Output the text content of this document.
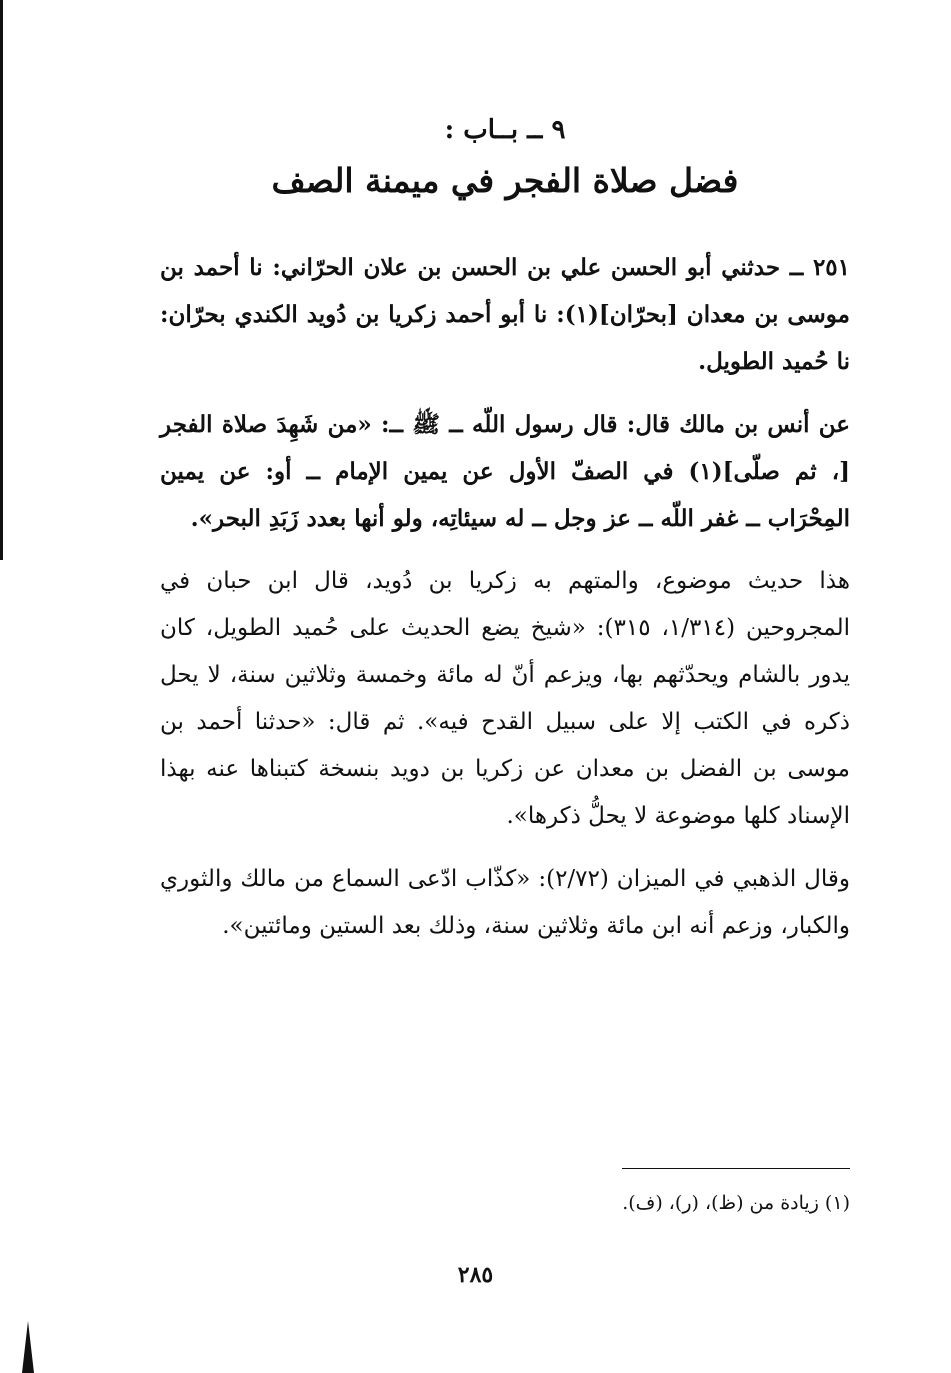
٩ ــ بــاب :
فضل صلاة الفجر في ميمنة الصف

٢٥١ ــ حدثني أبو الحسن علي بن الحسن بن علان الحرّاني: نا أحمد بن موسى بن معدان [بحرّان](١): نا أبو أحمد زكريا بن دُويد الكندي بحرّان: نا حُميد الطويل.

عن أنس بن مالك قال: قال رسول اللّه ــ ﷺ ــ: «من شَهِدَ صلاة الفجر [، ثم صلّى](١) في الصفّ الأول عن يمين الإمام ــ أو: عن يمين المِحْرَاب ــ غفر اللّه ــ عز وجل ــ له سيئاتِه، ولو أنها بعدد زَبَدِ البحر».

هذا حديث موضوع، والمتهم به زكريا بن دُويد، قال ابن حبان في المجروحين (١/٣١٤، ٣١٥): «شيخ يضع الحديث على حُميد الطويل، كان يدور بالشام ويحدّثهم بها، ويزعم أنّ له مائة وخمسة وثلاثين سنة، لا يحل ذكره في الكتب إلا على سبيل القدح فيه». ثم قال: «حدثنا أحمد بن موسى بن الفضل بن معدان عن زكريا بن دويد بنسخة كتبناها عنه بهذا الإسناد كلها موضوعة لا يحلُّ ذكرها».

وقال الذهبي في الميزان (٢/٧٢): «كذّاب ادّعى السماع من مالك والثوري والكبار، وزعم أنه ابن مائة وثلاثين سنة، وذلك بعد الستين ومائتين».

(١) زيادة من (ظ)، (ر)، (ف).
٢٨٥
